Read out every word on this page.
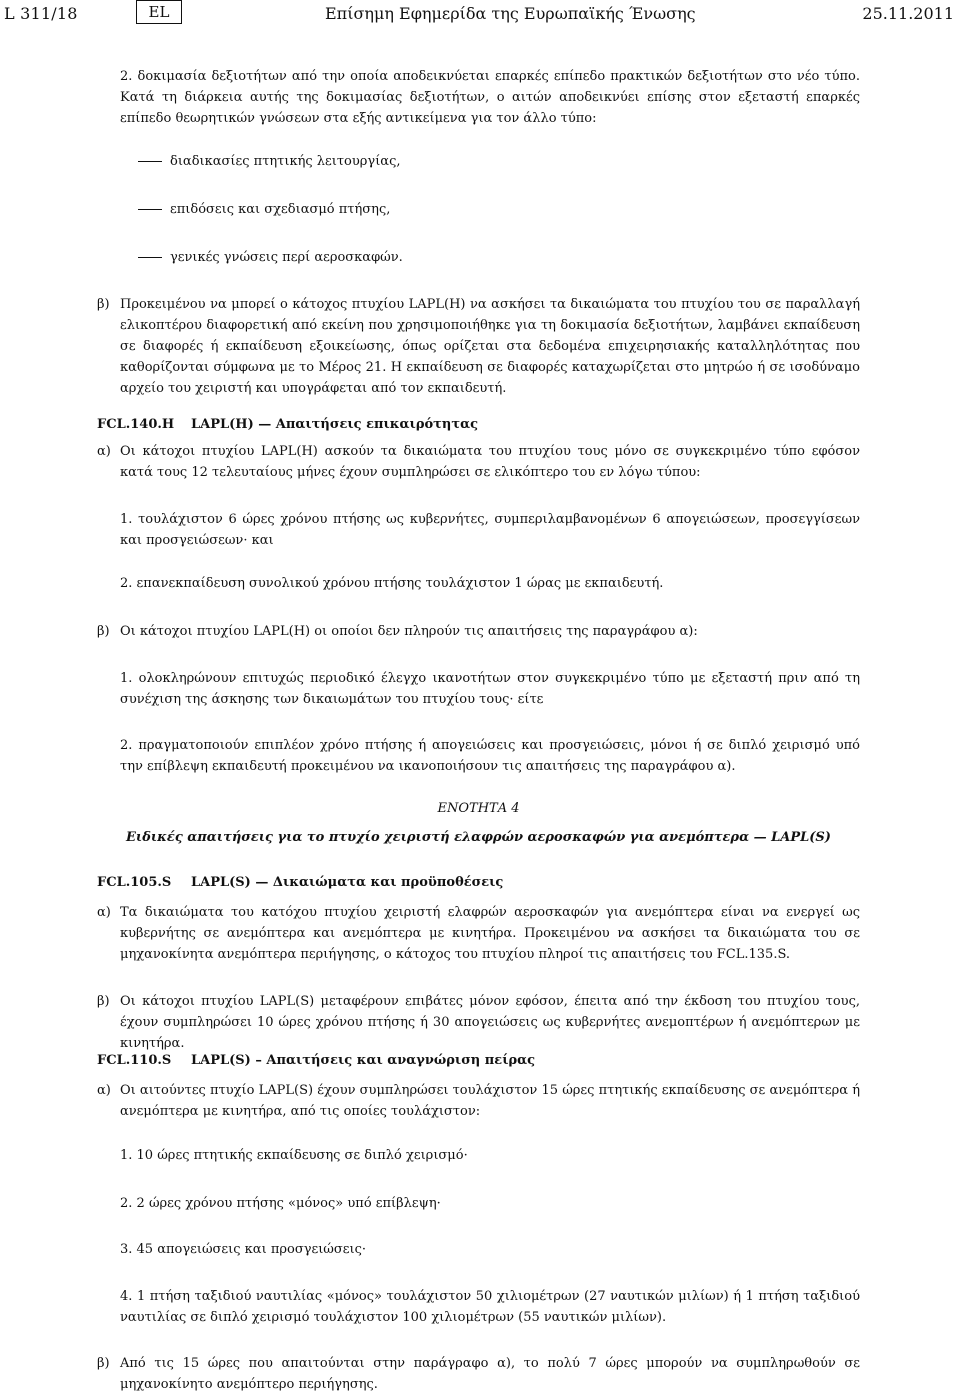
L 311/18	EL	Επίσημη Εφημερίδα της Ευρωπαϊκής Ένωσης	25.11.2011
2. δοκιμασία δεξιοτήτων από την οποία αποδεικνύεται επαρκές επίπεδο πρακτικών δεξιοτήτων στο νέο τύπο. Κατά τη διάρκεια αυτής της δοκιμασίας δεξιοτήτων, ο αιτών αποδεικνύει επίσης στον εξεταστή επαρκές επίπεδο θεωρητικών γνώσεων στα εξής αντικείμενα για τον άλλο τύπο:
διαδικασίες πτητικής λειτουργίας,
επιδόσεις και σχεδιασμό πτήσης,
γενικές γνώσεις περί αεροσκαφών.
β) Προκειμένου να μπορεί ο κάτοχος πτυχίου LAPL(H) να ασκήσει τα δικαιώματα του πτυχίου του σε παραλλαγή ελικοπτέρου διαφορετική από εκείνη που χρησιμοποιήθηκε για τη δοκιμασία δεξιοτήτων, λαμβάνει εκπαίδευση σε διαφορές ή εκπαίδευση εξοικείωσης, όπως ορίζεται στα δεδομένα επιχειρησιακής καταλληλότητας που καθορίζονται σύμφωνα με το Μέρος 21. Η εκπαίδευση σε διαφορές καταχωρίζεται στο μητρώο ή σε ισοδύναμο αρχείο του χειριστή και υπογράφεται από τον εκπαιδευτή.
FCL.140.H LAPL(H) — Απαιτήσεις επικαιρότητας
α) Οι κάτοχοι πτυχίου LAPL(H) ασκούν τα δικαιώματα του πτυχίου τους μόνο σε συγκεκριμένο τύπο εφόσον κατά τους 12 τελευταίους μήνες έχουν συμπληρώσει σε ελικόπτερο του εν λόγω τύπου:
1. τουλάχιστον 6 ώρες χρόνου πτήσης ως κυβερνήτες, συμπεριλαμβανομένων 6 απογειώσεων, προσεγγίσεων και προσγειώσεων· και
2. επανεκπαίδευση συνολικού χρόνου πτήσης τουλάχιστον 1 ώρας με εκπαιδευτή.
β) Οι κάτοχοι πτυχίου LAPL(H) οι οποίοι δεν πληρούν τις απαιτήσεις της παραγράφου α):
1. ολοκληρώνουν επιτυχώς περιοδικό έλεγχο ικανοτήτων στον συγκεκριμένο τύπο με εξεταστή πριν από τη συνέχιση της άσκησης των δικαιωμάτων του πτυχίου τους· είτε
2. πραγματοποιούν επιπλέον χρόνο πτήσης ή απογειώσεις και προσγειώσεις, μόνοι ή σε διπλό χειρισμό υπό την επίβλεψη εκπαιδευτή προκειμένου να ικανοποιήσουν τις απαιτήσεις της παραγράφου α).
ΕΝΟΤΗΤΑ 4
Ειδικές απαιτήσεις για το πτυχίο χειριστή ελαφρών αεροσκαφών για ανεμόπτερα — LAPL(S)
FCL.105.S LAPL(S) — Δικαιώματα και προϋποθέσεις
α) Τα δικαιώματα του κατόχου πτυχίου χειριστή ελαφρών αεροσκαφών για ανεμόπτερα είναι να ενεργεί ως κυβερνήτης σε ανεμόπτερα και ανεμόπτερα με κινητήρα. Προκειμένου να ασκήσει τα δικαιώματα του σε μηχανοκίνητα ανεμόπτερα περιήγησης, ο κάτοχος του πτυχίου πληροί τις απαιτήσεις του FCL.135.S.
β) Οι κάτοχοι πτυχίου LAPL(S) μεταφέρουν επιβάτες μόνον εφόσον, έπειτα από την έκδοση του πτυχίου τους, έχουν συμπληρώσει 10 ώρες χρόνου πτήσης ή 30 απογειώσεις ως κυβερνήτες ανεμοπτέρων ή ανεμόπτερων με κινητήρα.
FCL.110.S LAPL(S) – Απαιτήσεις και αναγνώριση πείρας
α) Οι αιτούντες πτυχίο LAPL(S) έχουν συμπληρώσει τουλάχιστον 15 ώρες πτητικής εκπαίδευσης σε ανεμόπτερα ή ανεμόπτερα με κινητήρα, από τις οποίες τουλάχιστον:
1. 10 ώρες πτητικής εκπαίδευσης σε διπλό χειρισμό·
2. 2 ώρες χρόνου πτήσης «μόνος» υπό επίβλεψη·
3. 45 απογειώσεις και προσγειώσεις·
4. 1 πτήση ταξιδιού ναυτιλίας «μόνος» τουλάχιστον 50 χιλιομέτρων (27 ναυτικών μιλίων) ή 1 πτήση ταξιδιού ναυτιλίας σε διπλό χειρισμό τουλάχιστον 100 χιλιομέτρων (55 ναυτικών μιλίων).
β) Από τις 15 ώρες που απαιτούνται στην παράγραφο α), το πολύ 7 ώρες μπορούν να συμπληρωθούν σε μηχανοκίνητο ανεμόπτερο περιήγησης.
